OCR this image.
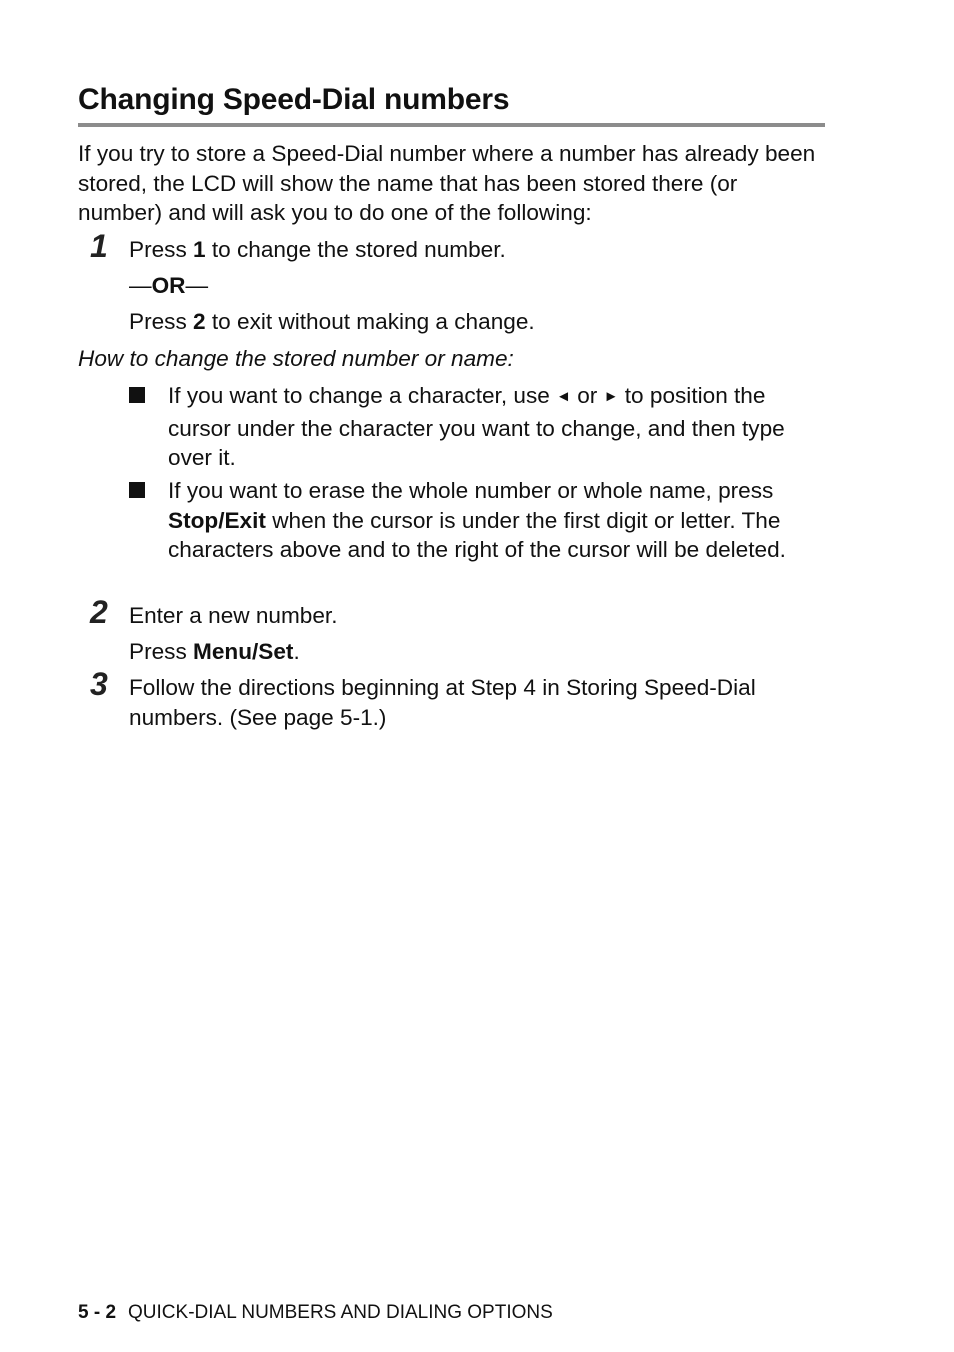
Changing Speed-Dial numbers

If you try to store a Speed-Dial number where a number has already been stored, the LCD will show the name that has been stored there (or number) and will ask you to do one of the following:

1 Press 1 to change the stored number.

—OR—

Press 2 to exit without making a change.

How to change the stored number or name:

If you want to change a character, use ◄ or ► to position the cursor under the character you want to change, and then type over it.

If you want to erase the whole number or whole name, press Stop/Exit when the cursor is under the first digit or letter. The characters above and to the right of the cursor will be deleted.

2 Enter a new number.

Press Menu/Set.

3 Follow the directions beginning at Step 4 in Storing Speed-Dial numbers. (See page 5-1.)

5 - 2 QUICK-DIAL NUMBERS AND DIALING OPTIONS
